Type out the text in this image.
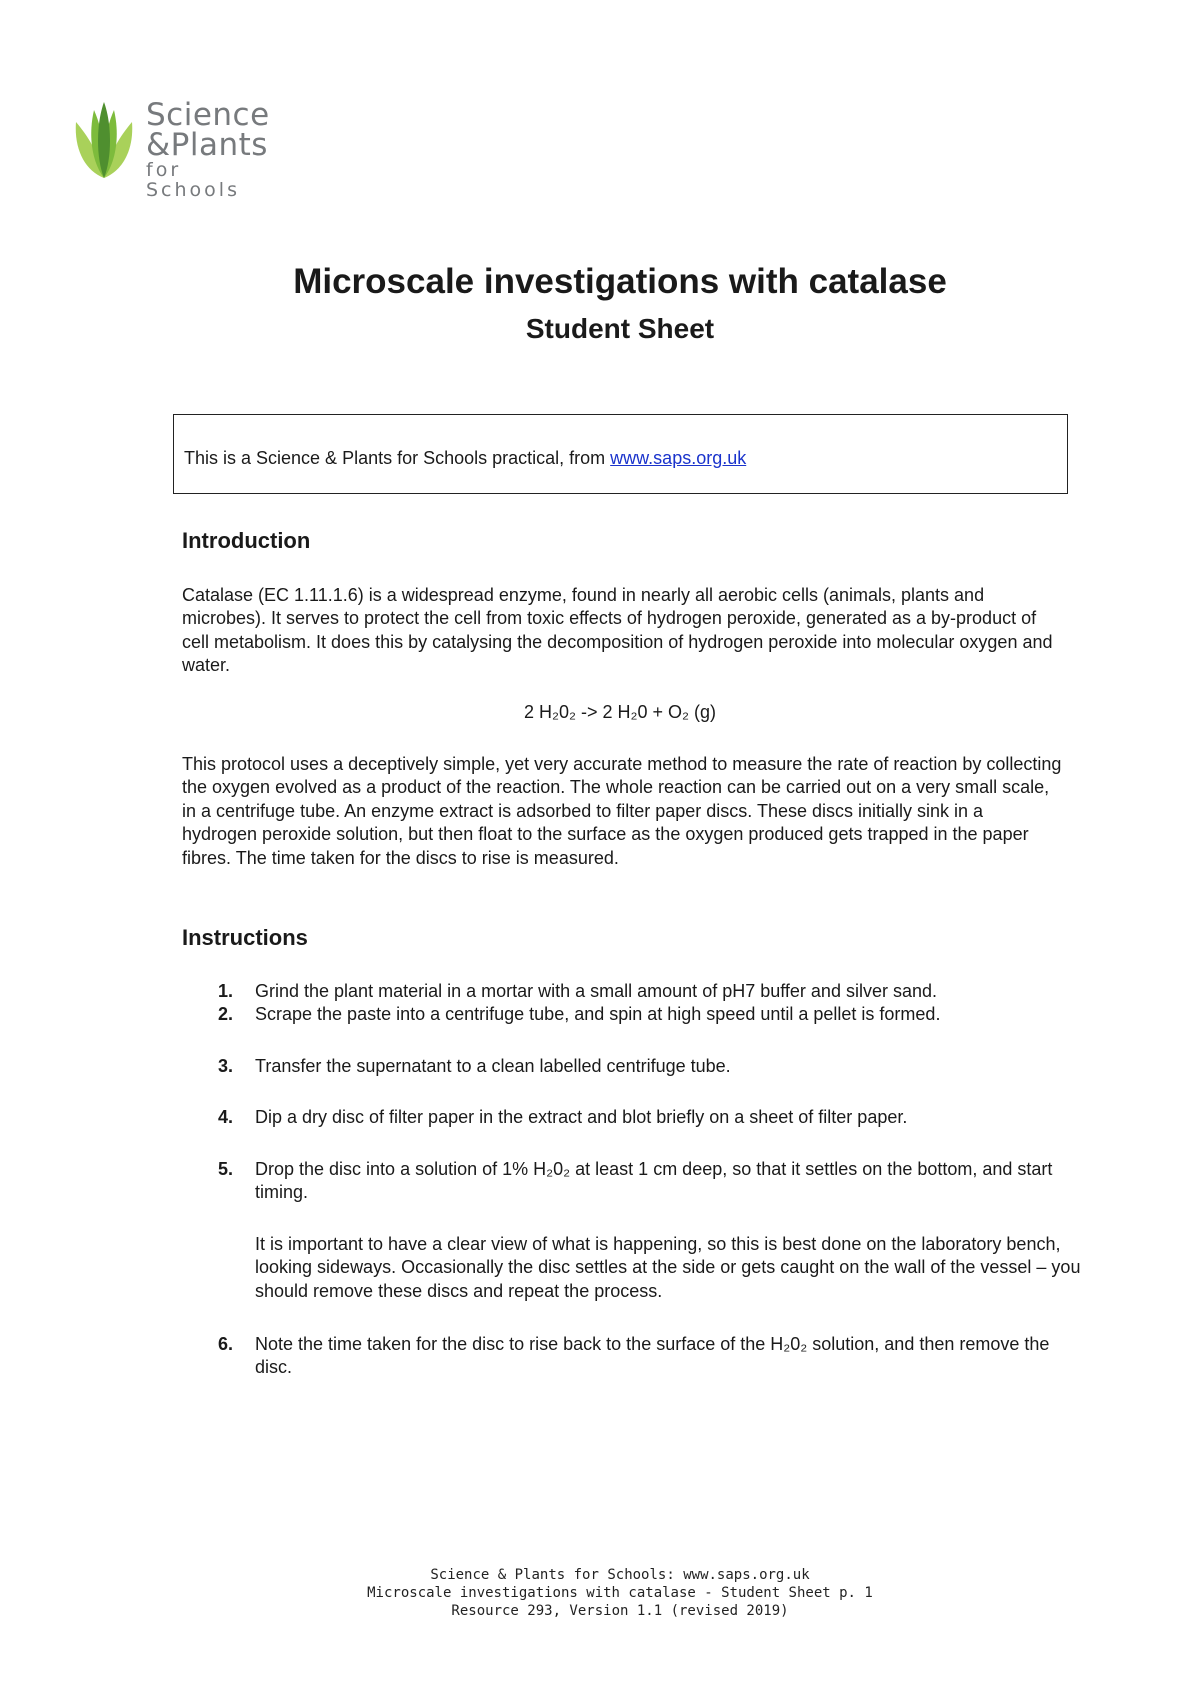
Science
&Plants
for Schools
Microscale investigations with catalase
Student Sheet
This is a Science & Plants for Schools practical, from www.saps.org.uk
Introduction
Catalase (EC 1.11.1.6) is a widespread enzyme, found in nearly all aerobic cells (animals, plants and microbes). It serves to protect the cell from toxic effects of hydrogen peroxide, generated as a by-product of cell metabolism. It does this by catalysing the decomposition of hydrogen peroxide into molecular oxygen and water.
2 H₂0₂ -> 2 H₂0 + O₂ (g)
This protocol uses a deceptively simple, yet very accurate method to measure the rate of reaction by collecting the oxygen evolved as a product of the reaction. The whole reaction can be carried out on a very small scale, in a centrifuge tube. An enzyme extract is adsorbed to filter paper discs. These discs initially sink in a hydrogen peroxide solution, but then float to the surface as the oxygen produced gets trapped in the paper fibres. The time taken for the discs to rise is measured.
Instructions
1.	Grind the plant material in a mortar with a small amount of pH7 buffer and silver sand.
2.	Scrape the paste into a centrifuge tube, and spin at high speed until a pellet is formed.
3.	Transfer the supernatant to a clean labelled centrifuge tube.
4.	Dip a dry disc of filter paper in the extract and blot briefly on a sheet of filter paper.
5.	Drop the disc into a solution of 1% H₂0₂ at least 1 cm deep, so that it settles on the bottom, and start timing.
It is important to have a clear view of what is happening, so this is best done on the laboratory bench, looking sideways. Occasionally the disc settles at the side or gets caught on the wall of the vessel – you should remove these discs and repeat the process.
6.	Note the time taken for the disc to rise back to the surface of the H₂0₂ solution, and then remove the disc.
Science & Plants for Schools: www.saps.org.uk
Microscale investigations with catalase - Student Sheet p. 1
Resource 293, Version 1.1 (revised 2019)
